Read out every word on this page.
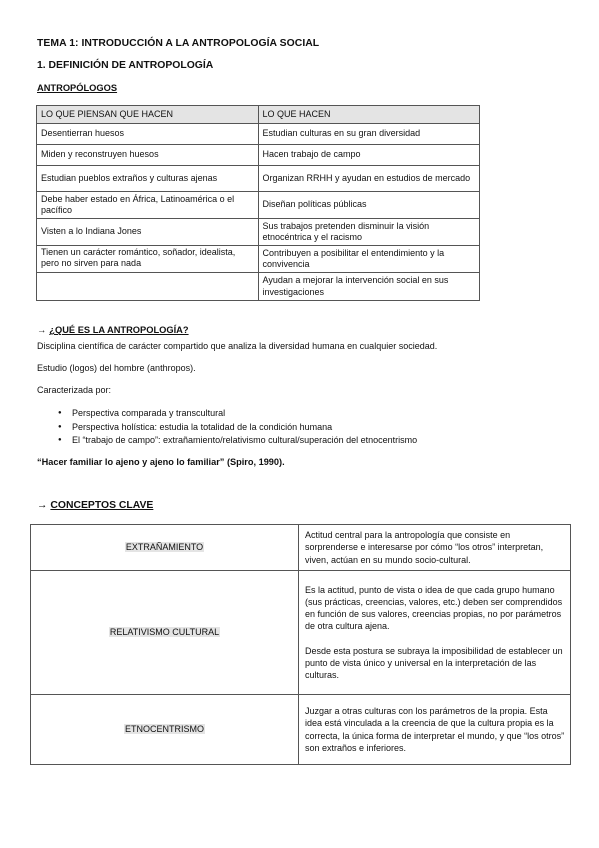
TEMA 1: INTRODUCCIÓN A LA ANTROPOLOGÍA SOCIAL
1. DEFINICIÓN DE ANTROPOLOGÍA
ANTROPÓLOGOS
LO QUE PIENSAN QUE HACEN	LO QUE HACEN
Desentierran huesos	Estudian culturas en su gran diversidad
Miden y reconstruyen huesos	Hacen trabajo de campo
Estudian pueblos extraños y culturas ajenas	Organizan RRHH y ayudan en estudios de mercado
Debe haber estado en África, Latinoamérica o el pacífico	Diseñan políticas públicas
Visten a lo Indiana Jones	Sus trabajos pretenden disminuir la visión etnocéntrica y el racismo
Tienen un carácter romántico, soñador, idealista, pero no sirven para nada	Contribuyen a posibilitar el entendimiento y la convivencia
	Ayudan a mejorar la intervención social en sus investigaciones
→ ¿QUÉ ES LA ANTROPOLOGÍA?
Disciplina científica de carácter compartido que analiza la diversidad humana en cualquier sociedad.
Estudio (logos) del hombre (anthropos).
Caracterizada por:
● Perspectiva comparada y transcultural
● Perspectiva holística: estudia la totalidad de la condición humana
● El “trabajo de campo”: extrañamiento/relativismo cultural/superación del etnocentrismo
“Hacer familiar lo ajeno y ajeno lo familiar” (Spiro, 1990).
→ CONCEPTOS CLAVE
EXTRAÑAMIENTO	Actitud central para la antropología que consiste en sorprenderse e interesarse por cómo “los otros” interpretan, viven, actúan en su mundo socio-cultural.

RELATIVISMO CULTURAL	Es la actitud, punto de vista o idea de que cada grupo humano (sus prácticas, creencias, valores, etc.) deben ser comprendidos en función de sus valores, creencias propias, no por parámetros de otra cultura ajena.

Desde esta postura se subraya la imposibilidad de establecer un punto de vista único y universal en la interpretación de las culturas.

ETNOCENTRISMO	Juzgar a otras culturas con los parámetros de la propia. Esta idea está vinculada a la creencia de que la cultura propia es la correcta, la única forma de interpretar el mundo, y que “los otros” son extraños e inferiores.
